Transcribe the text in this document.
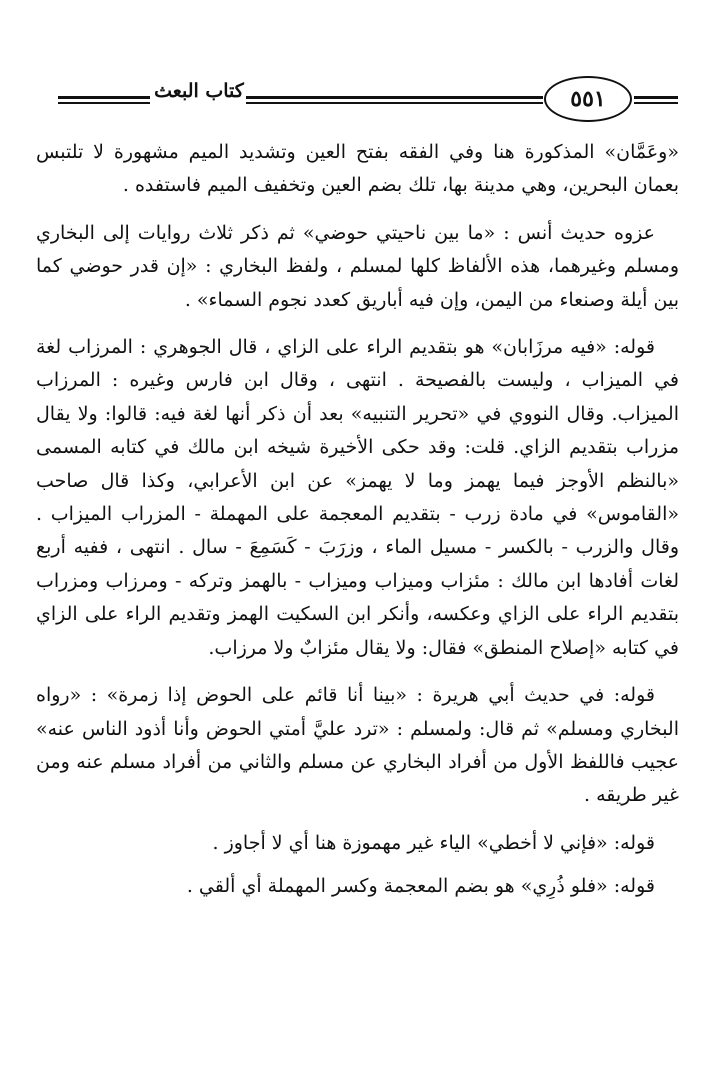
كتاب البعث	٥٥١

«وعَمَّان» المذكورة هنا وفي الفقه بفتح العين وتشديد الميم مشهورة لا تلتبس بعمان البحرين، وهي مدينة بها، تلك بضم العين وتخفيف الميم فاستفده .

عزوه حديث أنس : «ما بين ناحيتي حوضي» ثم ذكر ثلاث روايات إلى البخاري ومسلم وغيرهما، هذه الألفاظ كلها لمسلم ، ولفظ البخاري : «إن قدر حوضي كما بين أيلة وصنعاء من اليمن، وإن فيه أباريق كعدد نجوم السماء» .

قوله: «فيه مرزَابان» هو بتقديم الراء على الزاي ، قال الجوهري : المرزاب لغة في الميزاب ، وليست بالفصيحة . انتهى ، وقال ابن فارس وغيره : المرزاب الميزاب. وقال النووي في «تحرير التنبيه» بعد أن ذكر أنها لغة فيه: قالوا: ولا يقال مزراب بتقديم الزاي. قلت: وقد حكى الأخيرة شيخه ابن مالك في كتابه المسمى «بالنظم الأوجز فيما يهمز وما لا يهمز» عن ابن الأعرابي، وكذا قال صاحب «القاموس» في مادة زرب - بتقديم المعجمة على المهملة - المزراب الميزاب . وقال والزرب - بالكسر - مسيل الماء ، وزرَبَ - كَسَمِعَ - سال . انتهى ، ففيه أربع لغات أفادها ابن مالك : مئزاب وميزاب وميزاب - بالهمز وتركه - ومرزاب ومزراب بتقديم الراء على الزاي وعكسه، وأنكر ابن السكيت الهمز وتقديم الراء على الزاي في كتابه «إصلاح المنطق» فقال: ولا يقال مئزابٌ ولا مرزاب.

قوله: في حديث أبي هريرة : «بينا أنا قائم على الحوض إذا زمرة» : «رواه البخاري ومسلم» ثم قال: ولمسلم : «ترد عليَّ أمتي الحوض وأنا أذود الناس عنه» عجيب فاللفظ الأول من أفراد البخاري عن مسلم والثاني من أفراد مسلم عنه ومن غير طريقه .

قوله: «فإني لا أخطي» الياء غير مهموزة هنا أي لا أجاوز .

قوله: «فلو ذُرِي» هو بضم المعجمة وكسر المهملة أي ألقي .
